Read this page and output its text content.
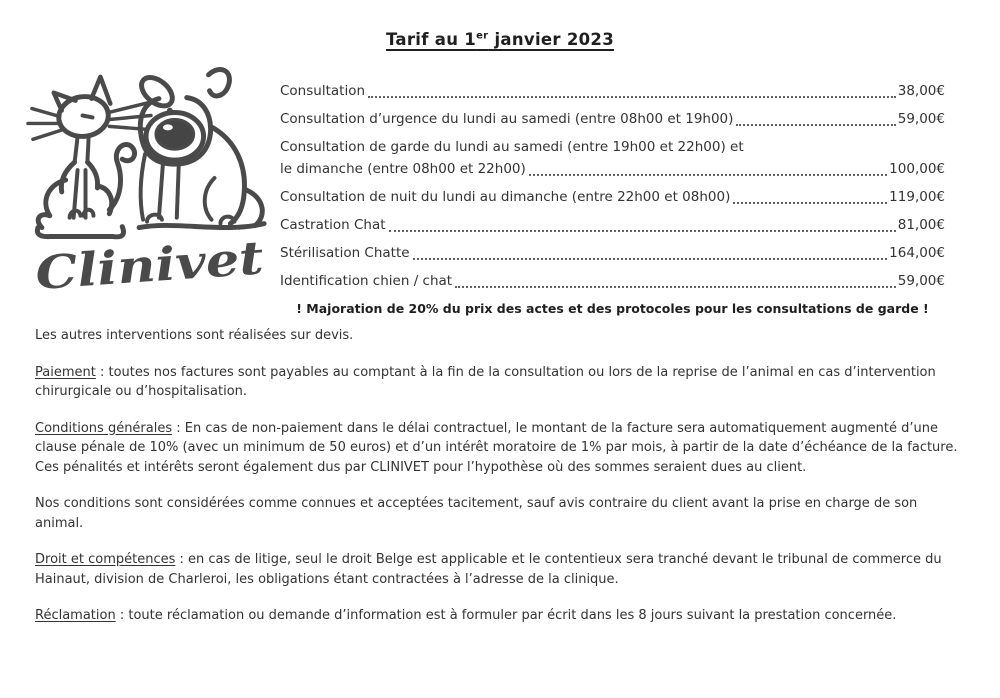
Tarif au 1er janvier 2023
Clinivet
Consultation	38,00€
Consultation d’urgence du lundi au samedi (entre 08h00 et 19h00)	59,00€
Consultation de garde du lundi au samedi (entre 19h00 et 22h00) et
le dimanche (entre 08h00 et 22h00)	100,00€
Consultation de nuit du lundi au dimanche (entre 22h00 et 08h00)	119,00€
Castration Chat	81,00€
Stérilisation Chatte	164,00€
Identification chien / chat	59,00€
! Majoration de 20% du prix des actes et des protocoles pour les consultations de garde !

Les autres interventions sont réalisées sur devis.

Paiement : toutes nos factures sont payables au comptant à la fin de la consultation ou lors de la reprise de l’animal en cas d’intervention chirurgicale ou d’hospitalisation.

Conditions générales : En cas de non-paiement dans le délai contractuel, le montant de la facture sera automatiquement augmenté d’une clause pénale de 10% (avec un minimum de 50 euros) et d’un intérêt moratoire de 1% par mois, à partir de la date d’échéance de la facture. Ces pénalités et intérêts seront également dus par CLINIVET pour l’hypothèse où des sommes seraient dues au client.

Nos conditions sont considérées comme connues et acceptées tacitement, sauf avis contraire du client avant la prise en charge de son animal.

Droit et compétences : en cas de litige, seul le droit Belge est applicable et le contentieux sera tranché devant le tribunal de commerce du Hainaut, division de Charleroi, les obligations étant contractées à l’adresse de la clinique.

Réclamation : toute réclamation ou demande d’information est à formuler par écrit dans les 8 jours suivant la prestation concernée.
